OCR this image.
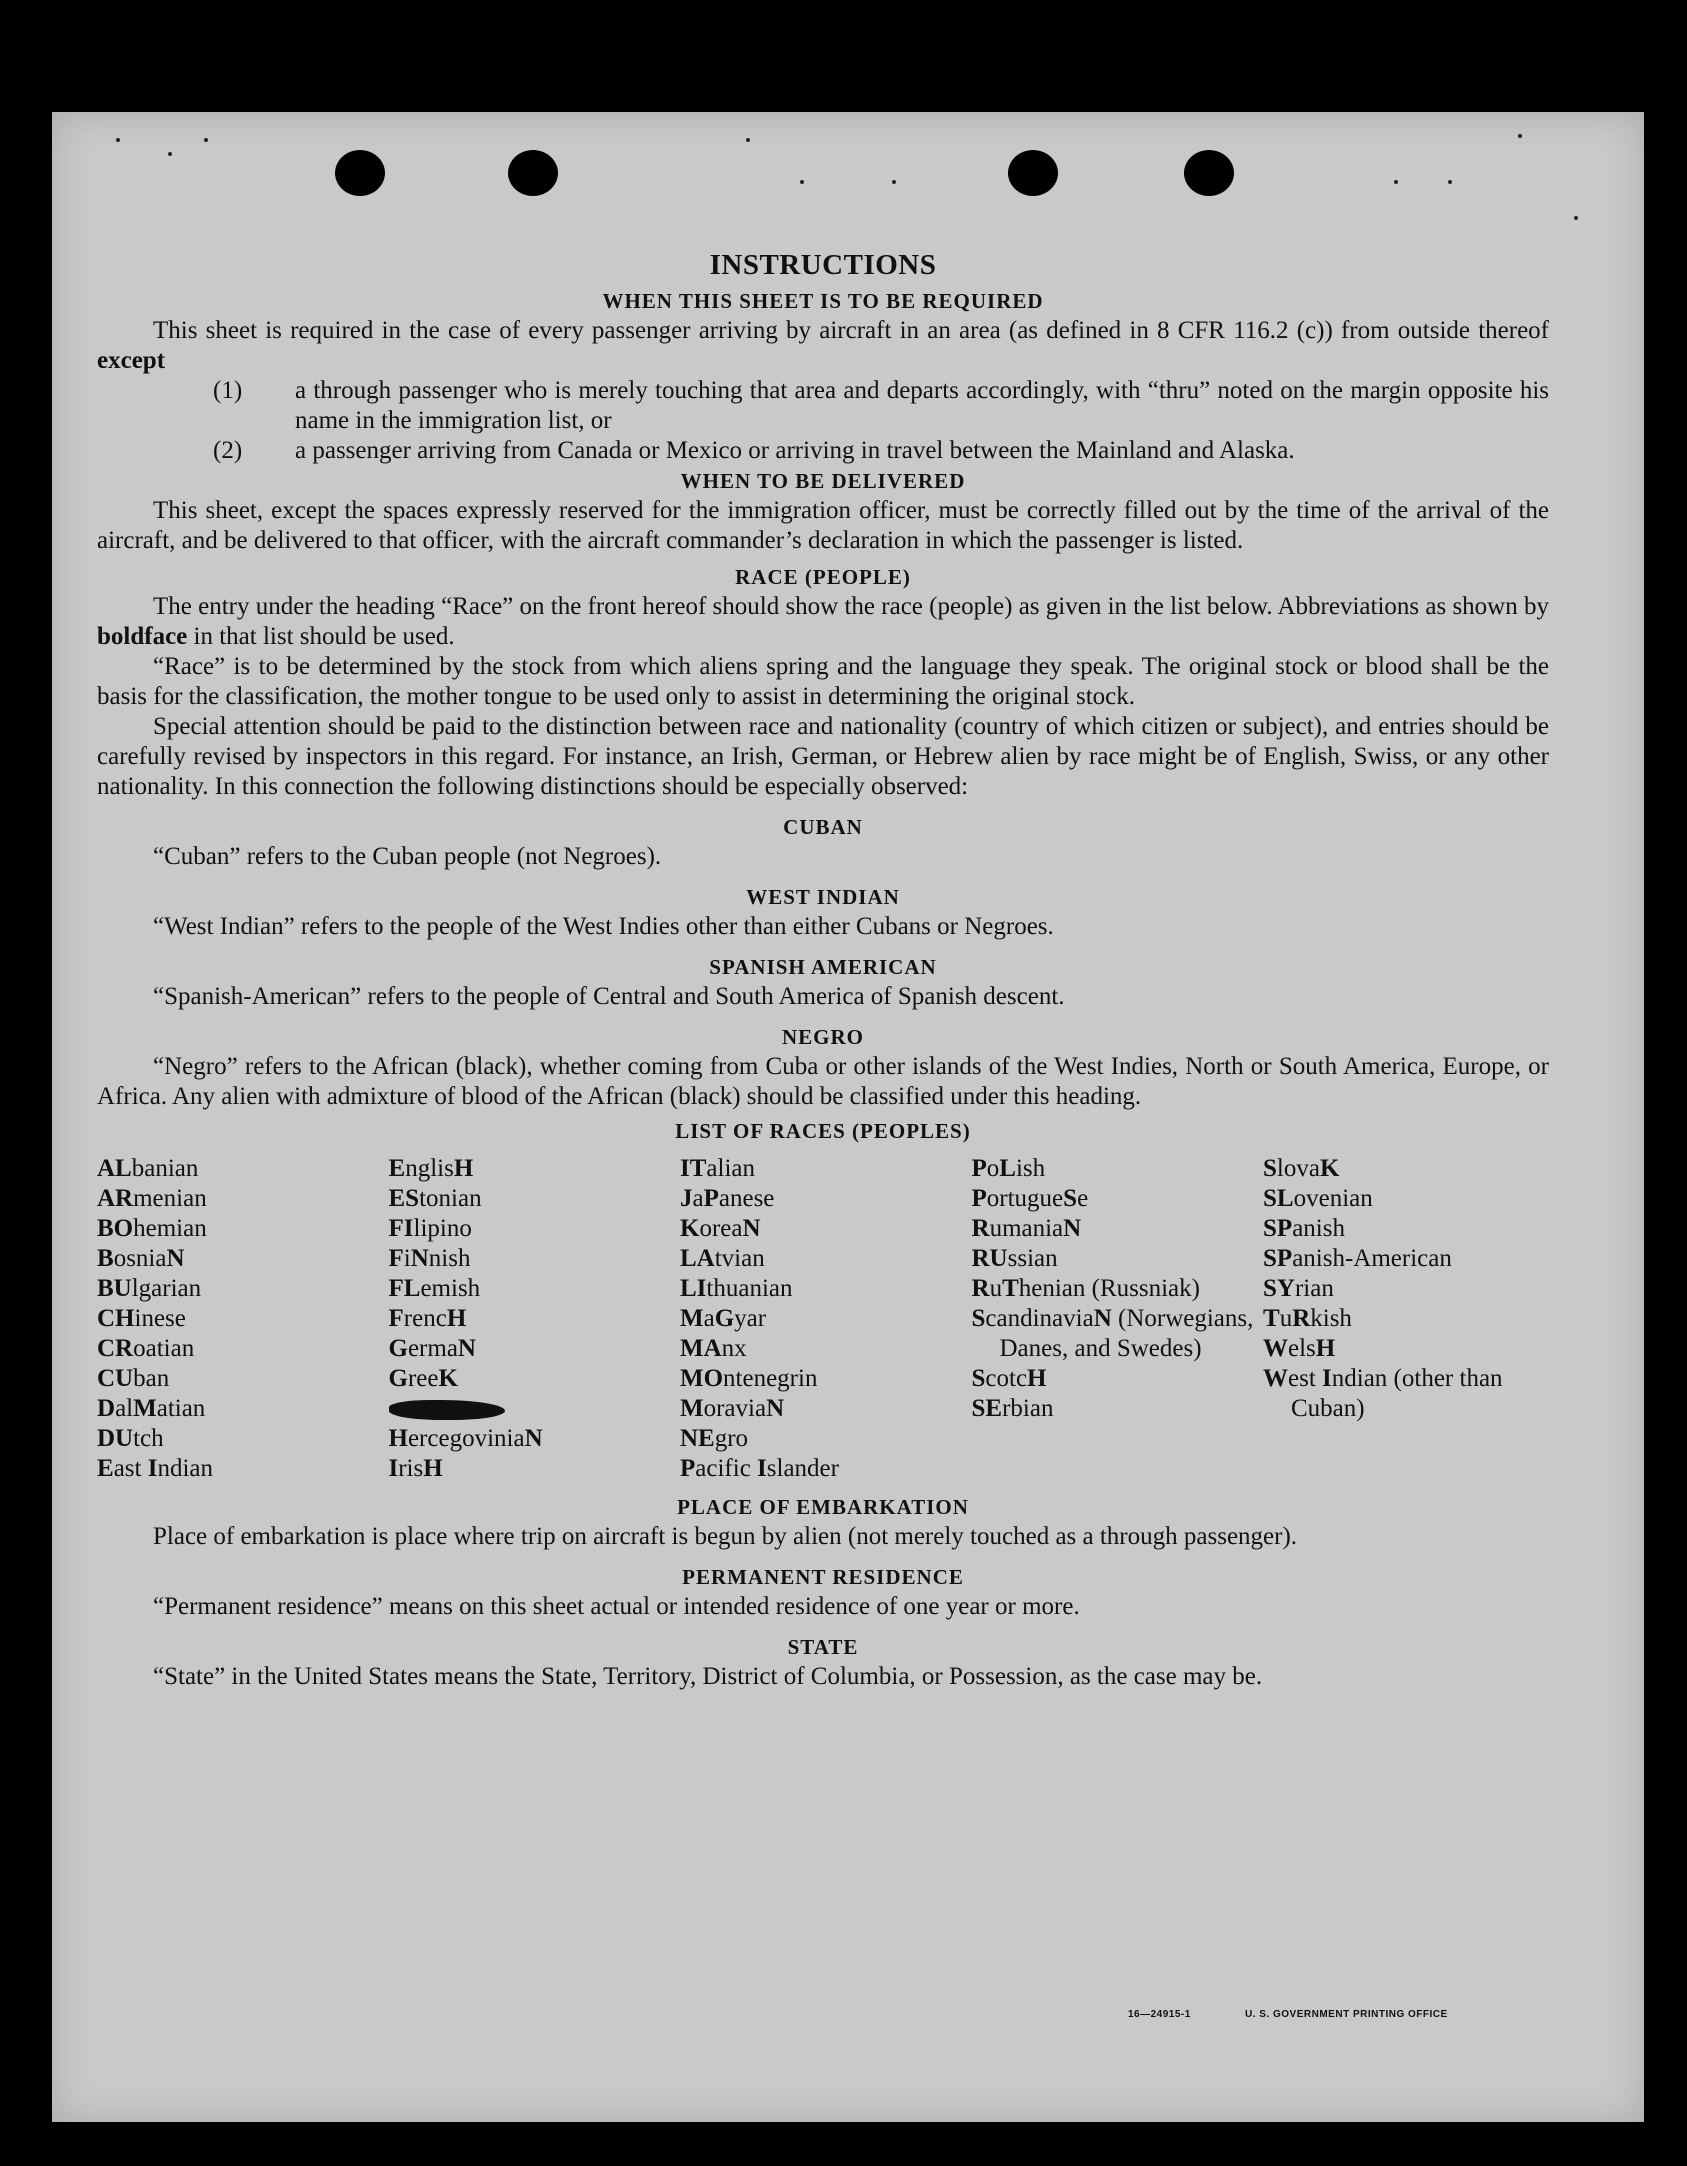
INSTRUCTIONS
WHEN THIS SHEET IS TO BE REQUIRED

This sheet is required in the case of every passenger arriving by aircraft in an area (as defined in 8 CFR 116.2 (c)) from outside thereof except

(1) a through passenger who is merely touching that area and departs accordingly, with “thru” noted on the margin opposite his name in the immigration list, or
(2) a passenger arriving from Canada or Mexico or arriving in travel between the Mainland and Alaska.
WHEN TO BE DELIVERED

This sheet, except the spaces expressly reserved for the immigration officer, must be correctly filled out by the time of the arrival of the aircraft, and be delivered to that officer, with the aircraft commander’s declaration in which the passenger is listed.

RACE (PEOPLE)

The entry under the heading “Race” on the front hereof should show the race (people) as given in the list below. Abbreviations as shown by boldface in that list should be used.

“Race” is to be determined by the stock from which aliens spring and the language they speak. The original stock or blood shall be the basis for the classification, the mother tongue to be used only to assist in determining the original stock.

Special attention should be paid to the distinction between race and nationality (country of which citizen or subject), and entries should be carefully revised by inspectors in this regard. For instance, an Irish, German, or Hebrew alien by race might be of English, Swiss, or any other nationality. In this connection the following distinctions should be especially observed:

CUBAN

“Cuban” refers to the Cuban people (not Negroes).

WEST INDIAN

“West Indian” refers to the people of the West Indies other than either Cubans or Negroes.

SPANISH AMERICAN

“Spanish-American” refers to the people of Central and South America of Spanish descent.

NEGRO

“Negro” refers to the African (black), whether coming from Cuba or other islands of the West Indies, North or South America, Europe, or Africa. Any alien with admixture of blood of the African (black) should be classified under this heading.

LIST OF RACES (PEOPLES)
ALbanian
ARmenian
BOhemian
BosniaN
BUlgarian
CHinese
CRoatian
CUban
DalMatian
DUtch
East Indian
EnglisH
EStonian
FIlipino
FiNnish
FLemish
FrencH
GermaN
GreeK
HercegoviniaN
IrisH
ITalian
JaPanese
KoreaN
LAtvian
LIthuanian
MaGyar
MAnx
MOntenegrin
MoraviaN
NEgro
Pacific Islander
PoLish
PortugueSe
RumaniaN
RUssian
RuThenian (Russniak)
ScandinaviaN (Norwegians, Danes, and Swedes)
ScotcH
SErbian
SlovaK
SLovenian
SPanish
SPanish-American
SYrian
TuRkish
WelsH
West Indian (other than Cuban)
PLACE OF EMBARKATION

Place of embarkation is place where trip on aircraft is begun by alien (not merely touched as a through passenger).

PERMANENT RESIDENCE

“Permanent residence” means on this sheet actual or intended residence of one year or more.

STATE

“State” in the United States means the State, Territory, District of Columbia, or Possession, as the case may be.

16—24915-1	U. S. GOVERNMENT PRINTING OFFICE
